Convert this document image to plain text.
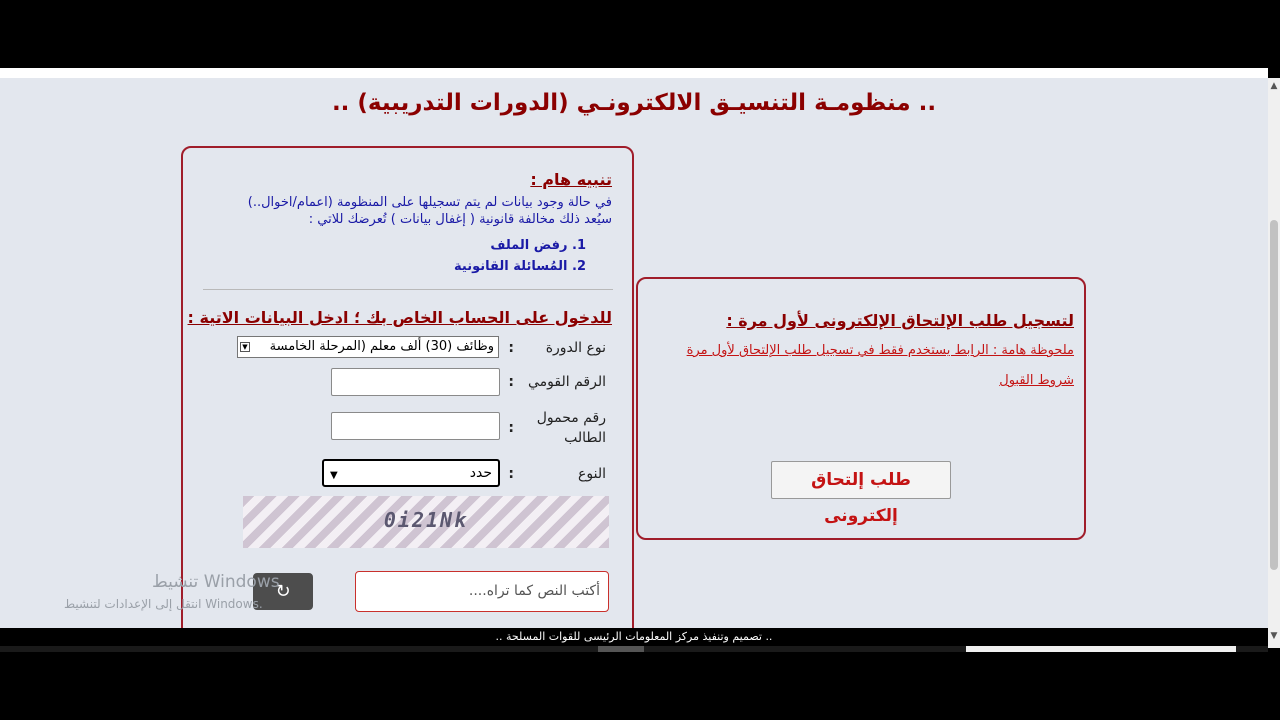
.. منظومـة التنسيـق الالكترونـي (الدورات التدريبية) ..
تنبيه هام :
في حالة وجود بيانات لم يتم تسجيلها على المنظومة (اعمام/اخوال..)
سيُعد ذلك مخالفة قانونية ( إغفال بيانات ) تُعرضك للاتي :
1. رفض الملف
2. المُسائلة القانونية
للدخول على الحساب الخاص بك ؛ ادخل البيانات الاتية :
نوع الدورة
:
وظائف (30) ألف معلم (المرحلة الخامسة
▼
الرقم القومي
:
رقم محمول
الطالب
:
النوع
:
حدد
▼
0i21Nk
↻	أكتب النص كما تراه....
لتسجيل طلب الإلتحاق الإلكترونى لأول مرة :
ملحوظة هامة : الرابط يستخدم فقط في تسجيل طلب الإلتحاق لأول مرة
شروط القبول
طلب إلتحاق إلكترونى
تنشيط Windows
انتقل إلى الإعدادات لتنشيط Windows.
▲
▼
.. تصميم وتنفيذ مركز المعلومات الرئيسى للقوات المسلحة ..
